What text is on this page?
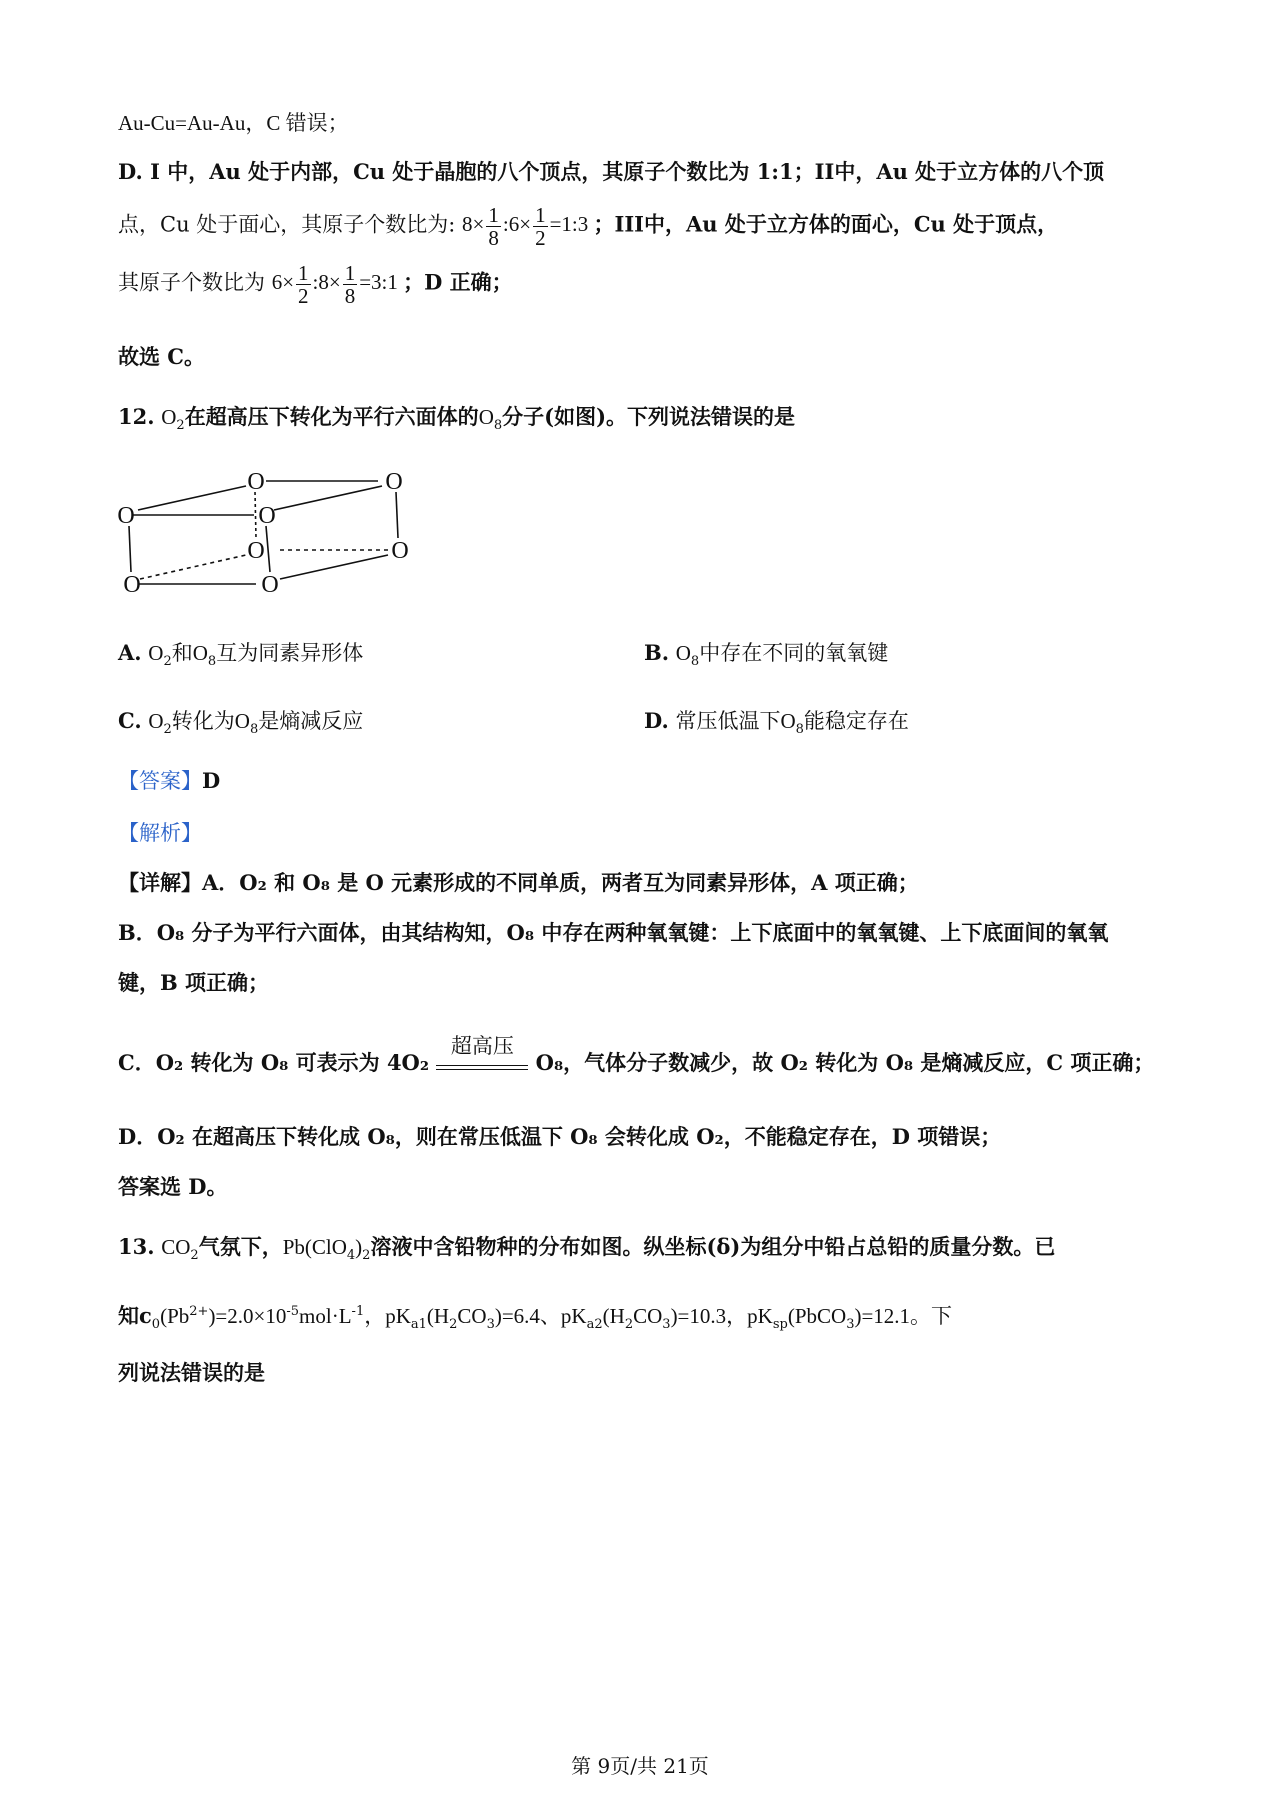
Au-Cu=Au-Au，C 错误；
D. I 中，Au 处于内部，Cu 处于晶胞的八个顶点，其原子个数比为 1:1；II中，Au 处于立方体的八个顶
点，Cu 处于面心，其原子个数比为: $8\times \frac{1}{8}$ :6× $\frac{1}{2}$ =1:3 ；III中，Au 处于立方体的面心，Cu 处于顶点，
其原子个数比为 $6\times \frac{1}{2}$ :8× $\frac{1}{8}$ =3:1 ；D 正确；
故选 C。
12. $O_2$在超高压下转化为平行六面体的$O_8$分子(如图)。下列说法错误的是
O	O
O	O
O	O
O	O
A. $O_2$和$O_8$互为同素异形体	B. $O_8$中存在不同的氧氧键
C. $O_2$转化为$O_8$是熵减反应	D. 常压低温下$O_8$能稳定存在
【答案】D
【解析】
【详解】A．O₂ 和 O₈ 是 O 元素形成的不同单质，两者互为同素异形体，A 项正确；
B．O₈ 分子为平行六面体，由其结构知，O₈ 中存在两种氧氧键：上下底面中的氧氧键、上下底面间的氧氧
键，B 项正确；
C．O₂ 转化为 O₈ 可表示为 4O₂
超高压
O₈，气体分子数减少，故 O₂ 转化为 O₈ 是熵减反应，C 项正确；
D．O₂ 在超高压下转化成 O₈，则在常压低温下 O₈ 会转化成 O₂，不能稳定存在，D 项错误；
答案选 D。
13. $CO_2$气氛下，$Pb(ClO_4)_2$溶液中含铅物种的分布如图。纵坐标(δ)为组分中铅占总铅的质量分数。已
知$c_0(Pb^{2+})=2.0\times 10^{-5}mol\cdot L^{-1}$，$pK_{a1}(H_2CO_3)=6.4$、$pK_{a2}(H_2CO_3)=10.3$，$pK_{sp}(PbCO_3)=12.1$。下
列说法错误的是
第 9页/共 21页
